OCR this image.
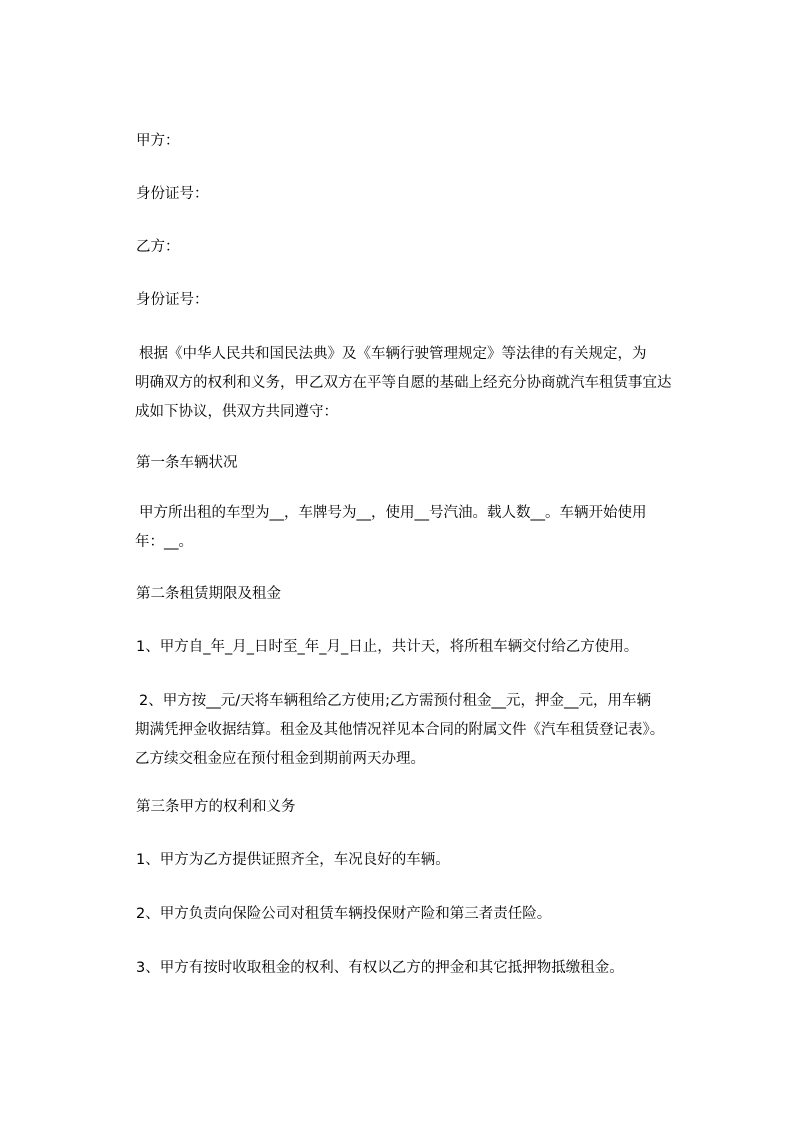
甲方：
身份证号：
乙方：
身份证号：
根据《中华人民共和国民法典》及《车辆行驶管理规定》等法律的有关规定，为
明确双方的权利和义务，甲乙双方在平等自愿的基础上经充分协商就汽车租赁事宜达
成如下协议，供双方共同遵守：
第一条车辆状况
甲方所出租的车型为__，车牌号为__，使用__号汽油。载人数__。车辆开始使用
年：__。
第二条租赁期限及租金
1、甲方自_年_月_日时至_年_月_日止，共计天，将所租车辆交付给乙方使用。
2、甲方按__元/天将车辆租给乙方使用;乙方需预付租金__元，押金__元，用车辆
期满凭押金收据结算。租金及其他情况祥见本合同的附属文件《汽车租赁登记表》。
乙方续交租金应在预付租金到期前两天办理。
第三条甲方的权利和义务
1、甲方为乙方提供证照齐全，车况良好的车辆。
2、甲方负责向保险公司对租赁车辆投保财产险和第三者责任险。
3、甲方有按时收取租金的权利、有权以乙方的押金和其它抵押物抵缴租金。
